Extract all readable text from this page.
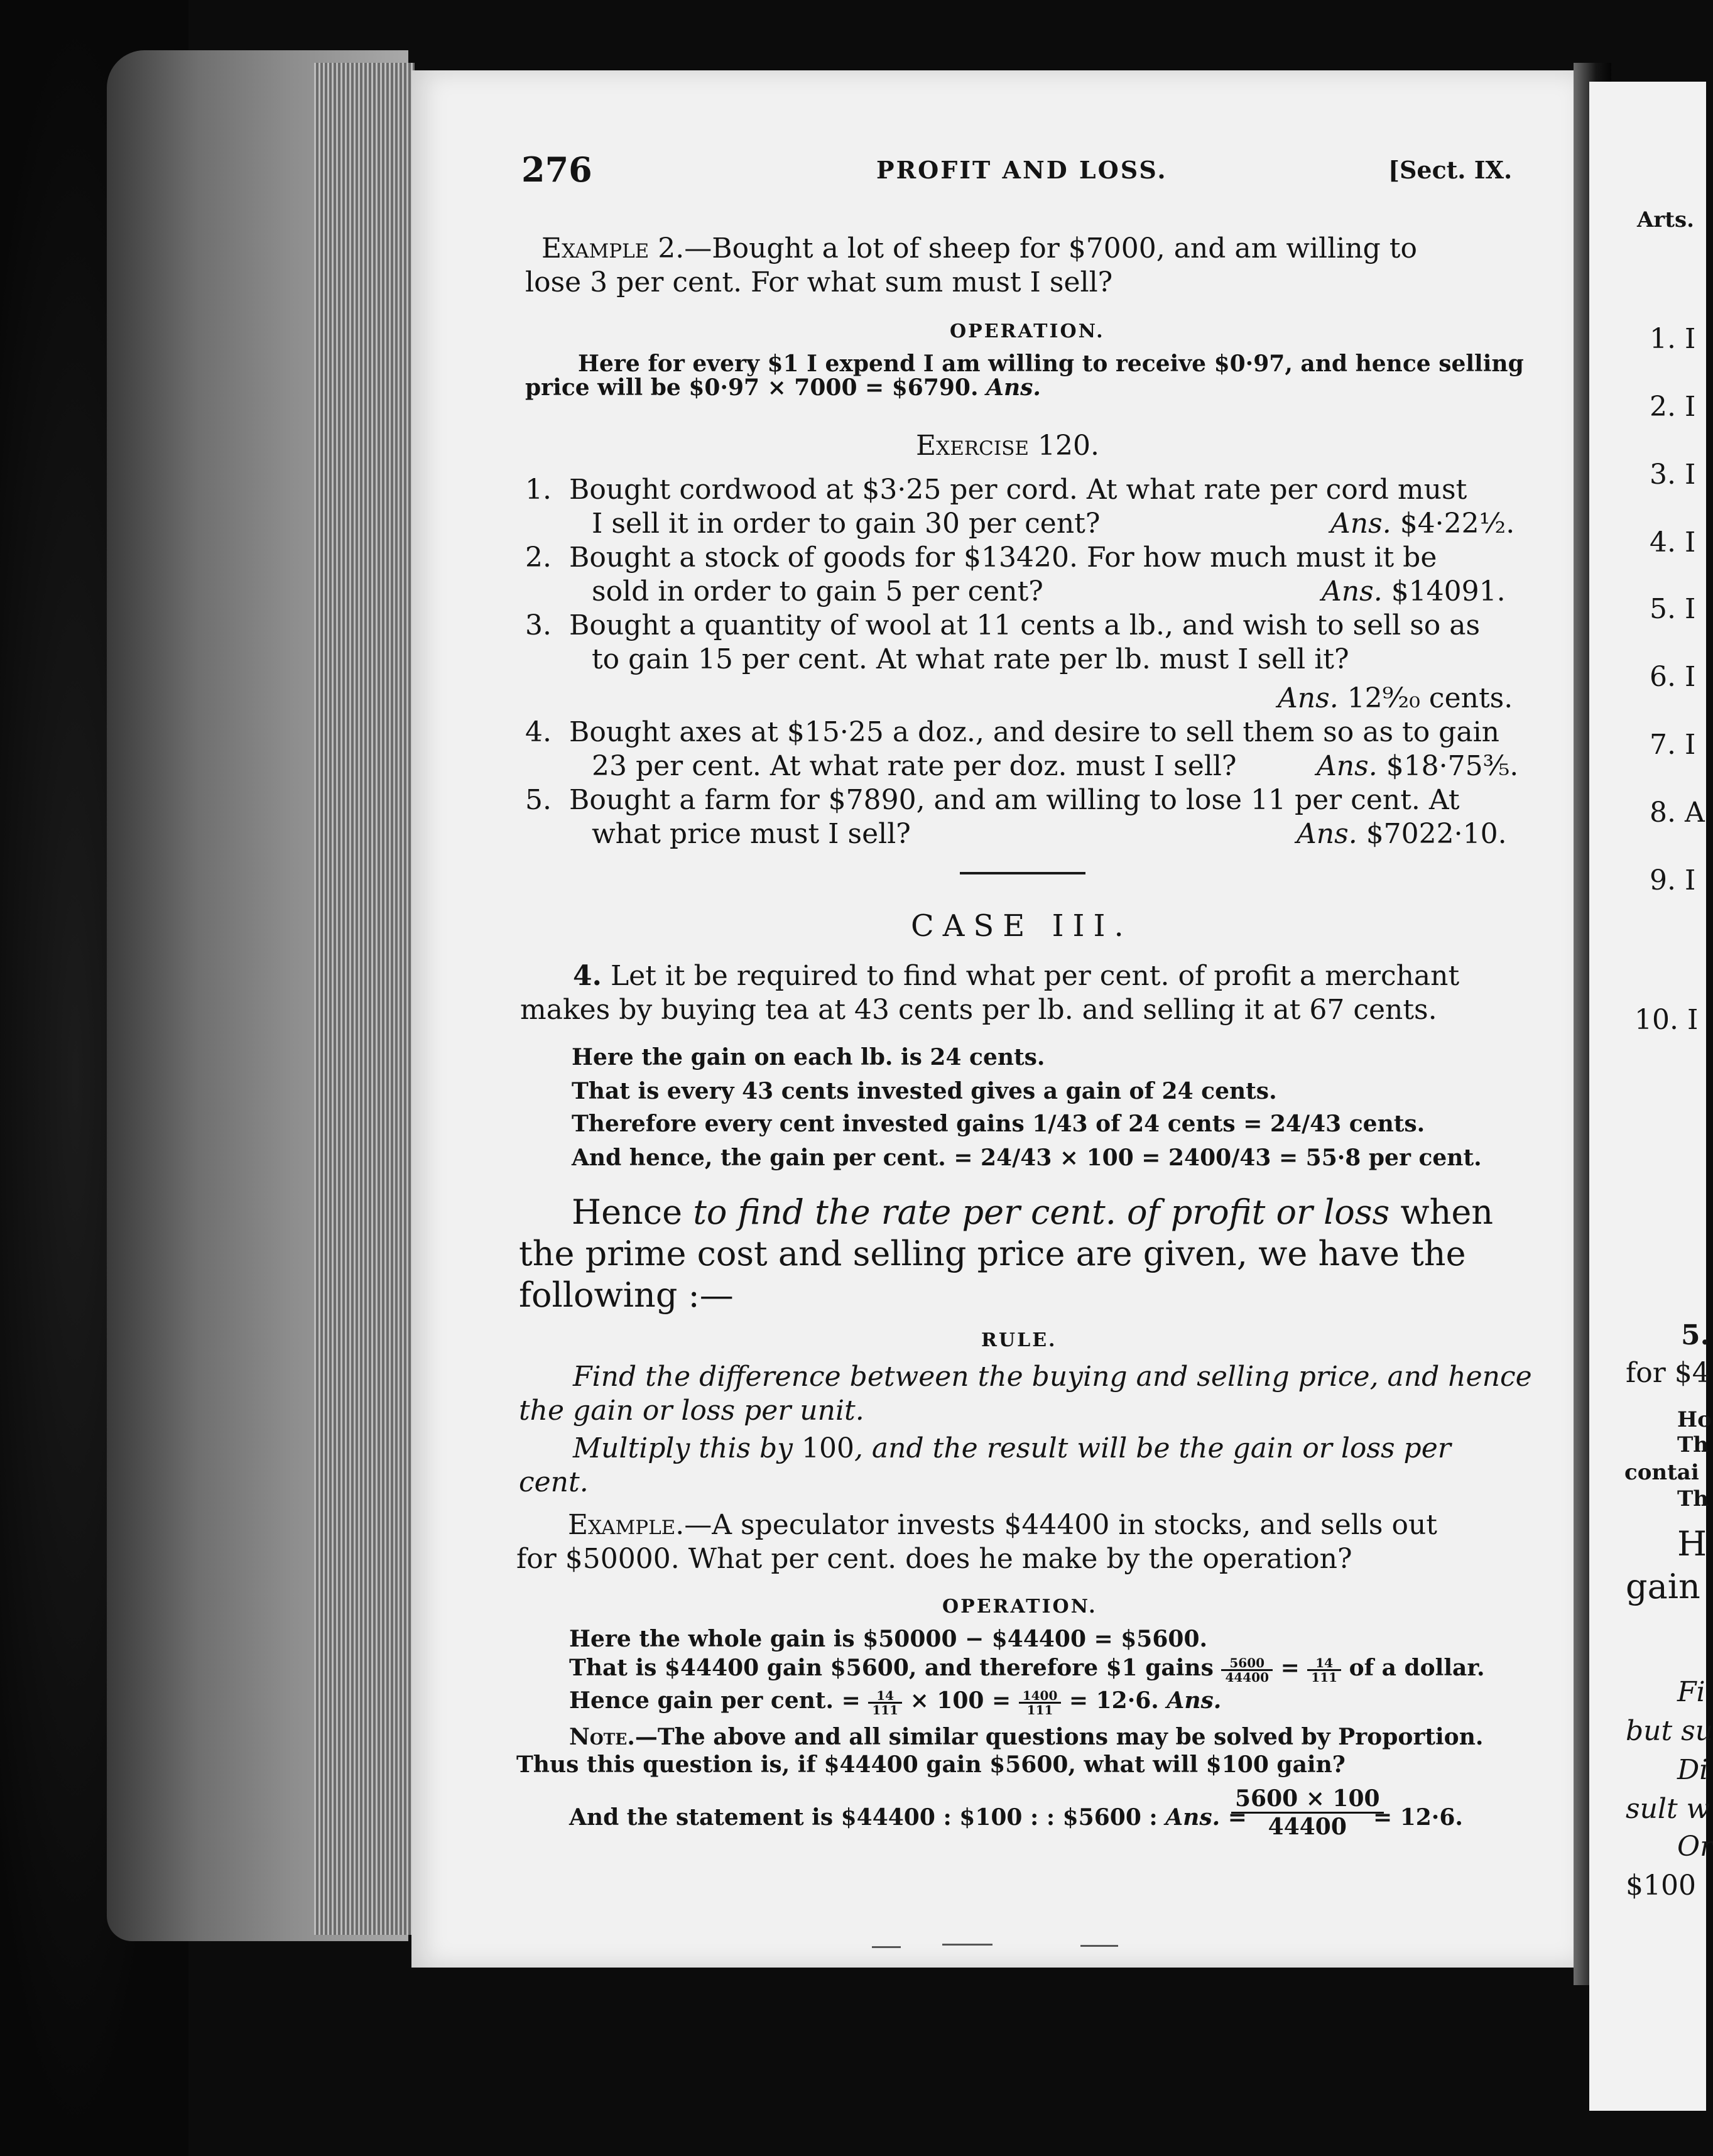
276	PROFIT AND LOSS.	[Sect. IX.
Example 2.—Bought a lot of sheep for $7000, and am willing to
lose 3 per cent. For what sum must I sell?
OPERATION.
Here for every $1 I expend I am willing to receive $0·97, and hence selling
price will be $0·97 × 7000 = $6790. Ans.
Exercise 120.
1. Bought cordwood at $3·25 per cord. At what rate per cord must
I sell it in order to gain 30 per cent?	Ans. $4·22½.
2. Bought a stock of goods for $13420. For how much must it be
sold in order to gain 5 per cent?	Ans. $14091.
3. Bought a quantity of wool at 11 cents a lb., and wish to sell so as
to gain 15 per cent. At what rate per lb. must I sell it?
Ans. 12⁹⁄₂₀ cents.
4. Bought axes at $15·25 a doz., and desire to sell them so as to gain
23 per cent. At what rate per doz. must I sell?	Ans. $18·75⅗.
5. Bought a farm for $7890, and am willing to lose 11 per cent. At
what price must I sell?	Ans. $7022·10.
CASE III.
4. Let it be required to find what per cent. of profit a merchant
makes by buying tea at 43 cents per lb. and selling it at 67 cents.
Here the gain on each lb. is 24 cents.
That is every 43 cents invested gives a gain of 24 cents.
Therefore every cent invested gains 1/43 of 24 cents = 24/43 cents.
And hence, the gain per cent. = 24/43 × 100 = 2400/43 = 55·8 per cent.
Hence to find the rate per cent. of profit or loss when
the prime cost and selling price are given, we have the
following :—
RULE.
Find the difference between the buying and selling price, and hence
the gain or loss per unit.
Multiply this by 100, and the result will be the gain or loss per
cent.
Example.—A speculator invests $44400 in stocks, and sells out
for $50000. What per cent. does he make by the operation?
OPERATION.
Here the whole gain is $50000 − $44400 = $5600.
That is $44400 gain $5600, and therefore $1 gains $\frac{5600}{44400} = \frac{14}{111}$ of a dollar.
Hence gain per cent. = $\frac{14}{111} \times 100 = \frac{1400}{111} = 12\cdot 6$. Ans.
Note.—The above and all similar questions may be solved by Proportion.
Thus this question is, if $44400 gain $5600, what will $100 gain?
And the statement is $44400 : $100 : : $5600 : Ans. =
5600 × 100
44400	= 12·6.
Arts.
1. I
2. I
3. I
4. I
5. I
6. I
7. I
8. A
9. I
10. I
5.
for $4
Ho
Th
contai
Th
H
gain
Fi
but su
Di
sult w
Or
$100
